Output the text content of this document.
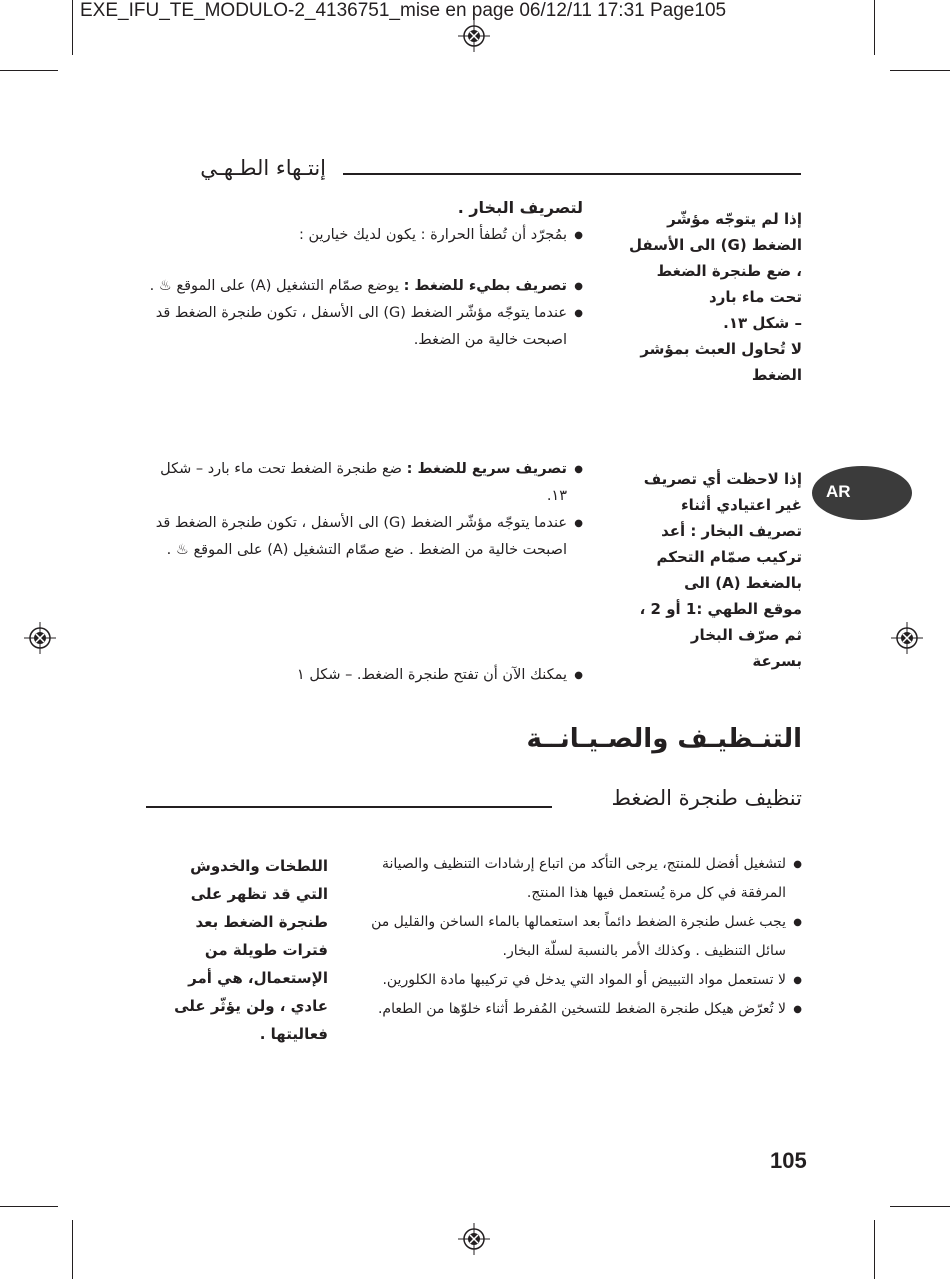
EXE_IFU_TE_MODULO-2_4136751_mise en page 06/12/11 17:31 Page105
إنتـهاء الطـهـي
إذا لم يتوجّه مؤشّر
الضغط (G) الى الأسفل
، ضع طنجرة الضغط
تحت ماء بارد
– شكل ١٣.
لا تُحاول العبث بمؤشر
الضغط
لتصريف البخار .
● بمُجرّد أن تُطفأ الحرارة : يكون لديك خيارين :
● تصريف بطيء للضغط : يوضع صمّام التشغيل (A) على الموقع ♨ .
● عندما يتوجّه مؤشّر الضغط (G) الى الأسفل ، تكون طنجرة الضغط قد اصبحت خالية من الضغط.
● تصريف سريع للضغط : ضع طنجرة الضغط تحت ماء بارد – شكل ١٣.
● عندما يتوجّه مؤشّر الضغط (G) الى الأسفل ، تكون طنجرة الضغط قد اصبحت خالية من الضغط . ضع صمّام التشغيل (A) على الموقع ♨ .
● يمكنك الآن أن تفتح طنجرة الضغط. – شكل ١
إذا لاحظت أي تصريف
غير اعتيادي أثناء
تصريف البخار : أعد
تركيب صمّام التحكم
بالضغط (A) الى
موقع الطهي :1 أو 2 ،
ثم صرّف البخار
بسرعة
AR
التنـظيـف والصـيـانــة
تنظيف طنجرة الضغط
● لتشغيل أفضل للمنتج، يرجى التأكد من اتباع إرشادات التنظيف والصيانة المرفقة في كل مرة يُستعمل فيها هذا المنتج.
● يجب غسل طنجرة الضغط دائماً بعد استعمالها بالماء الساخن والقليل من سائل التنظيف . وكذلك الأمر بالنسبة لسلّة البخار.
● لا تستعمل مواد التبييض أو المواد التي يدخل في تركيبها مادة الكلورين.
● لا تُعرّض هيكل طنجرة الضغط للتسخين المُفرط أثناء خلوّها من الطعام.
اللطخات والخدوش
التي قد تظهر على
طنجرة الضغط بعد
فترات طويلة من
الإستعمال، هي أمر
عادي ، ولن يؤثّر على
فعاليتها .
105
